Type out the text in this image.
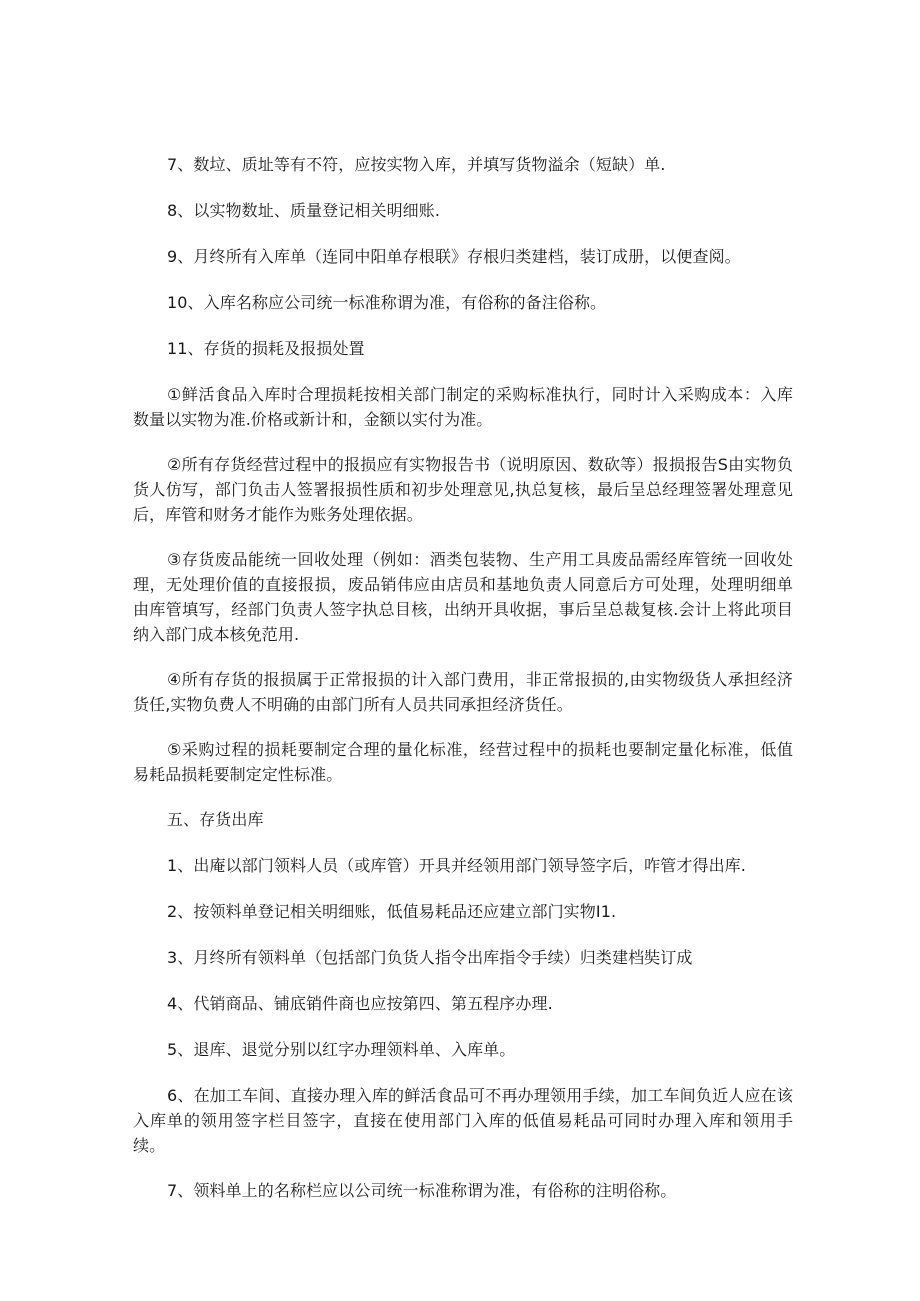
7、数垃、质址等有不符，应按实物入库，并填写货物溢余（短缺）单.

8、以实物数址、质量登记相关明细账.

9、月终所有入库单（连同中阳单存根联》存根归类建档，装订成册，以便查阅。

10、入库名称应公司统一标准称谓为准，有俗称的备注俗称。

11、存货的损耗及报损处置

①鲜活食品入库时合理损耗按相关部门制定的采购标准执行，同时计入采购成本：入库数量以实物为准.价格或新计和，金额以实付为准。

②所有存货经营过程中的报损应有实物报告书（说明原因、数砍等）报损报告S由实物负货人仿写，部门负击人签署报损性质和初步处理意见,执总复核，最后呈总经理签署处理意见后，库管和财务才能作为账务处理依据。

③存货废品能统一回收处理（例如：酒类包装物、生产用工具废品需经库管统一回收处理，无处理价值的直接报损，废品销伟应由店员和基地负责人同意后方可处理，处理明细单由库管填写，经部门负责人签字执总目核，出纳开具收据，事后呈总裁复核.会计上将此项目纳入部门成本核免范用.

④所有存货的报损属于正常报损的计入部门费用，非正常报损的,由实物级货人承担经济货任,实物负费人不明确的由部门所有人员共同承担经济货任。

⑤采购过程的损耗要制定合理的量化标准，经营过程中的损耗也要制定量化标准，低值易耗品损耗要制定定性标准。

五、存货出库

1、出庵以部门领料人员（或库管）开具并经领用部门领导签字后，咋管才得出库.

2、按领料单登记相关明细账，低值易耗品还应建立部门实物I1.

3、月终所有领料单（包括部门负货人指令出库指令手续）归类建档奘订成

4、代销商品、铺底销件商也应按第四、第五程序办理.

5、退库、退觉分别以红字办理领料单、入库单。

6、在加工车间、直接办理入库的鲜活食品可不再办理领用手续，加工车间负近人应在该入库单的领用签字栏目签字，直接在使用部门入库的低值易耗品可同时办理入库和领用手续。

7、领料单上的名称栏应以公司统一标准称谓为准，有俗称的注明俗称。
